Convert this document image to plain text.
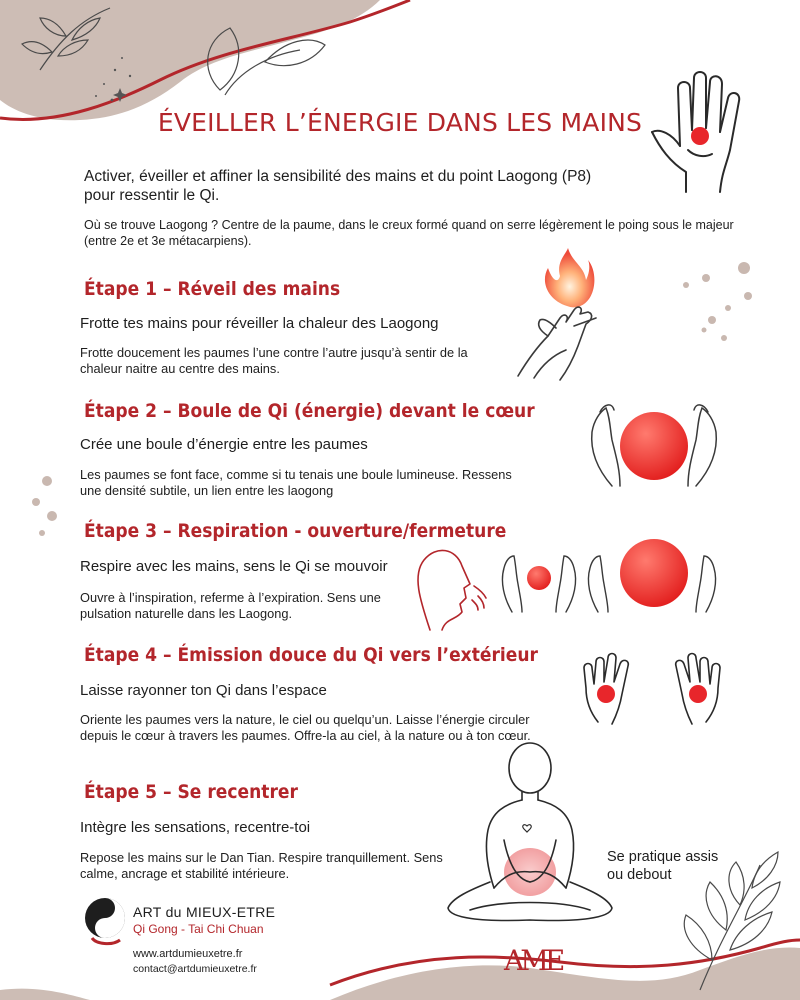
ÉVEILLER L’ÉNERGIE DANS LES MAINS

Activer, éveiller et affiner la sensibilité des mains et du point Laogong (P8) pour ressentir le Qi.

Où se trouve Laogong ? Centre de la paume, dans le creux formé quand on serre légèrement le poing sous le majeur (entre 2e et 3e métacarpiens).

Étape 1 – Réveil des mains
Frotte tes mains pour réveiller la chaleur des Laogong
Frotte doucement les paumes l’une contre l’autre jusqu’à sentir de la chaleur naitre au centre des mains.
Étape 2 – Boule de Qi (énergie) devant le cœur
Crée une boule d’énergie entre les paumes
Les paumes se font face, comme si tu tenais une boule lumineuse. Ressens une densité subtile, un lien entre les laogong
Étape 3 – Respiration - ouverture/fermeture
Respire avec les mains, sens le Qi se mouvoir
Ouvre à l’inspiration, referme à l’expiration. Sens une pulsation naturelle dans les Laogong.
Étape 4 – Émission douce du Qi vers l’extérieur
Laisse rayonner ton Qi dans l’espace
Oriente les paumes vers la nature, le ciel ou quelqu’un. Laisse l’énergie circuler depuis le cœur à travers les paumes. Offre-la au ciel, à la nature ou à ton cœur.
Étape 5 – Se recentrer
Intègre les sensations, recentre-toi
Repose les mains sur le Dan Tian. Respire tranquillement. Sens calme, ancrage et stabilité intérieure.
Se pratique assis ou debout
AME
ART du MIEUX-ETRE
Qi Gong - Tai Chi Chuan
www.artdumieuxetre.fr
contact@artdumieuxetre.fr
